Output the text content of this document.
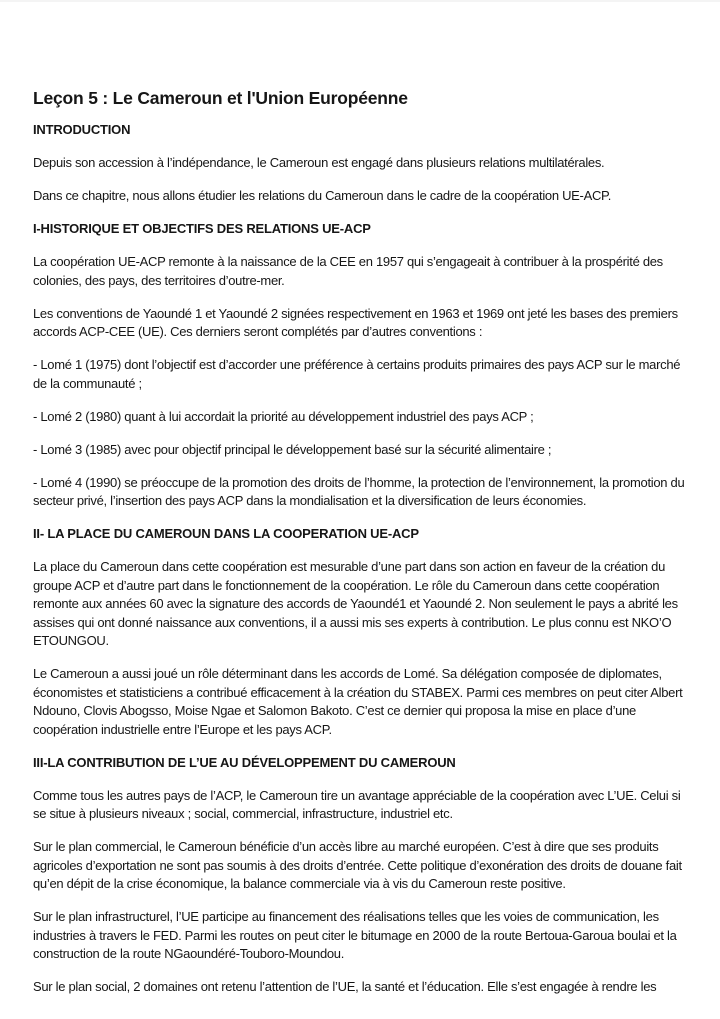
Leçon 5 : Le Cameroun et l'Union Européenne
INTRODUCTION

Depuis son accession à l’indépendance, le Cameroun est engagé dans plusieurs relations multilatérales.

Dans ce chapitre, nous allons étudier les relations du Cameroun dans le cadre de la coopération UE-ACP.

I-HISTORIQUE ET OBJECTIFS DES RELATIONS UE-ACP

La coopération UE-ACP remonte à la naissance de la CEE en 1957 qui s’engageait à contribuer à la prospérité des colonies, des pays, des territoires d’outre-mer.

Les conventions de Yaoundé 1 et Yaoundé 2 signées respectivement en 1963 et 1969 ont jeté les bases des premiers accords ACP-CEE (UE). Ces derniers seront complétés par d’autres conventions :

- Lomé 1 (1975) dont l’objectif est d’accorder une préférence à certains produits primaires des pays ACP sur le marché de la communauté ;

- Lomé 2 (1980) quant à lui accordait la priorité au développement industriel des pays ACP ;

- Lomé 3 (1985) avec pour objectif principal le développement basé sur la sécurité alimentaire ;

- Lomé 4 (1990) se préoccupe de la promotion des droits de l’homme, la protection de l’environnement, la promotion du secteur privé, l’insertion des pays ACP dans la mondialisation et la diversification de leurs économies.

II- LA PLACE DU CAMEROUN DANS LA COOPERATION UE-ACP

La place du Cameroun dans cette coopération est mesurable d’une part dans son action en faveur de la création du groupe ACP et d’autre part dans le fonctionnement de la coopération. Le rôle du Cameroun dans cette coopération remonte aux années 60 avec la signature des accords de Yaoundé1 et Yaoundé 2. Non seulement le pays a abrité les assises qui ont donné naissance aux conventions, il a aussi mis ses experts à contribution. Le plus connu est NKO’O ETOUNGOU.

Le Cameroun a aussi joué un rôle déterminant dans les accords de Lomé. Sa délégation composée de diplomates, économistes et statisticiens a contribué efficacement à la création du STABEX. Parmi ces membres on peut citer Albert Ndouno, Clovis Abogsso, Moise Ngae et Salomon Bakoto. C’est ce dernier qui proposa la mise en place d’une coopération industrielle entre l’Europe et les pays ACP.

III-LA CONTRIBUTION DE L’UE AU DÉVELOPPEMENT DU CAMEROUN

Comme tous les autres pays de l’ACP, le Cameroun tire un avantage appréciable de la coopération avec L’UE. Celui si se situe à plusieurs niveaux ; social, commercial, infrastructure, industriel etc.

Sur le plan commercial, le Cameroun bénéficie d’un accès libre au marché européen. C’est à dire que ses produits agricoles d’exportation ne sont pas soumis à des droits d’entrée. Cette politique d’exonération des droits de douane fait qu’en dépit de la crise économique, la balance commerciale via à vis du Cameroun reste positive.

Sur le plan infrastructurel, l’UE participe au financement des réalisations telles que les voies de communication, les industries à travers le FED. Parmi les routes on peut citer le bitumage en 2000 de la route Bertoua-Garoua boulai et la construction de la route NGaoundéré-Touboro-Moundou.

Sur le plan social, 2 domaines ont retenu l’attention de l’UE, la santé et l’éducation. Elle s’est engagée à rendre les
